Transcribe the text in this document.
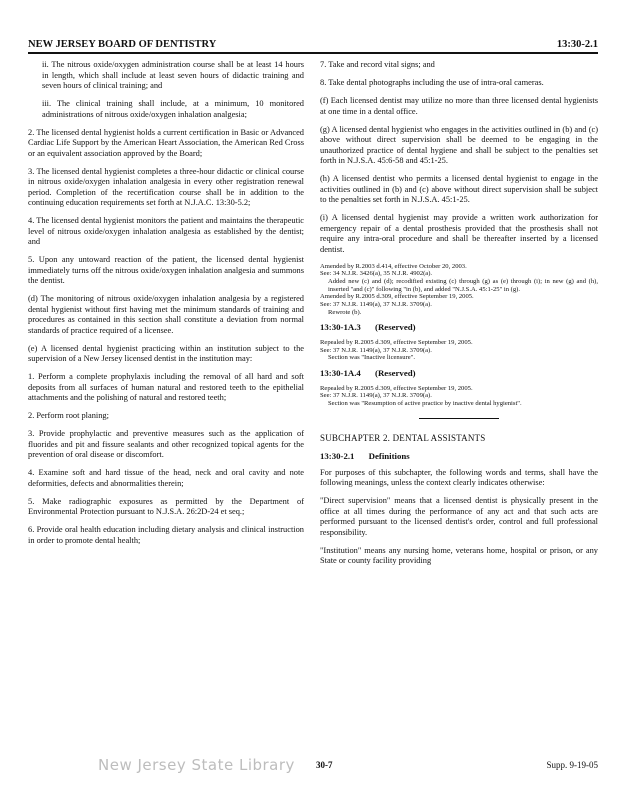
NEW JERSEY BOARD OF DENTISTRY	13:30-2.1

ii. The nitrous oxide/oxygen administration course shall be at least 14 hours in length, which shall include at least seven hours of didactic training and seven hours of clinical training; and

iii. The clinical training shall include, at a minimum, 10 monitored administrations of nitrous oxide/oxygen inhalation analgesia;

2. The licensed dental hygienist holds a current certification in Basic or Advanced Cardiac Life Support by the American Heart Association, the American Red Cross or an equivalent association approved by the Board;

3. The licensed dental hygienist completes a three-hour didactic or clinical course in nitrous oxide/oxygen inhalation analgesia in every other registration renewal period. Completion of the recertification course shall be in addition to the continuing education requirements set forth at N.J.A.C. 13:30-5.2;

4. The licensed dental hygienist monitors the patient and maintains the therapeutic level of nitrous oxide/oxygen inhalation analgesia as established by the dentist; and

5. Upon any untoward reaction of the patient, the licensed dental hygienist immediately turns off the nitrous oxide/oxygen inhalation analgesia and summons the dentist.

(d) The monitoring of nitrous oxide/oxygen inhalation analgesia by a registered dental hygienist without first having met the minimum standards of training and procedures as contained in this section shall constitute a deviation from normal standards of practice required of a licensee.

(e) A licensed dental hygienist practicing within an institution subject to the supervision of a New Jersey licensed dentist in the institution may:

1. Perform a complete prophylaxis including the removal of all hard and soft deposits from all surfaces of human natural and restored teeth to the epithelial attachments and the polishing of natural and restored teeth;

2. Perform root planing;

3. Provide prophylactic and preventive measures such as the application of fluorides and pit and fissure sealants and other recognized topical agents for the prevention of oral disease or discomfort.

4. Examine soft and hard tissue of the head, neck and oral cavity and note deformities, defects and abnormalities therein;

5. Make radiographic exposures as permitted by the Department of Environmental Protection pursuant to N.J.S.A. 26:2D-24 et seq.;

6. Provide oral health education including dietary analysis and clinical instruction in order to promote dental health;

7. Take and record vital signs; and

8. Take dental photographs including the use of intra-oral cameras.

(f) Each licensed dentist may utilize no more than three licensed dental hygienists at one time in a dental office.

(g) A licensed dental hygienist who engages in the activities outlined in (b) and (c) above without direct supervision shall be deemed to be engaging in the unauthorized practice of dental hygiene and shall be subject to the penalties set forth in N.J.S.A. 45:6-58 and 45:1-25.

(h) A licensed dentist who permits a licensed dental hygienist to engage in the activities outlined in (b) and (c) above without direct supervision shall be subject to the penalties set forth in N.J.S.A. 45:1-25.

(i) A licensed dental hygienist may provide a written work authorization for emergency repair of a dental prosthesis provided that the prosthesis shall not require any intra-oral procedure and shall be thereafter inserted by a licensed dentist.

Amended by R.2003 d.414, effective October 20, 2003.
See: 34 N.J.R. 3426(a), 35 N.J.R. 4902(a).
Added new (c) and (d); recodified existing (c) through (g) as (e) through (i); in new (g) and (h), inserted "and (c)" following "in (b), and added "N.J.S.A. 45:1-25" in (g).
Amended by R.2005 d.309, effective September 19, 2005.
See: 37 N.J.R. 1149(a), 37 N.J.R. 3709(a).
Rewrote (b).
13:30-1A.3 (Reserved)
Repealed by R.2005 d.309, effective September 19, 2005.
See: 37 N.J.R. 1149(a), 37 N.J.R. 3709(a).
Section was "Inactive licensure".
13:30-1A.4 (Reserved)
Repealed by R.2005 d.309, effective September 19, 2005.
See: 37 N.J.R. 1149(a), 37 N.J.R. 3709(a).
Section was "Resumption of active practice by inactive dental hygienist".
SUBCHAPTER 2. DENTAL ASSISTANTS
13:30-2.1 Definitions

For purposes of this subchapter, the following words and terms, shall have the following meanings, unless the context clearly indicates otherwise:

"Direct supervision" means that a licensed dentist is physically present in the office at all times during the performance of any act and that such acts are performed pursuant to the licensed dentist's order, control and full professional responsibility.

"Institution" means any nursing home, veterans home, hospital or prison, or any State or county facility providing

New Jersey State Library 30-7	Supp. 9-19-05
